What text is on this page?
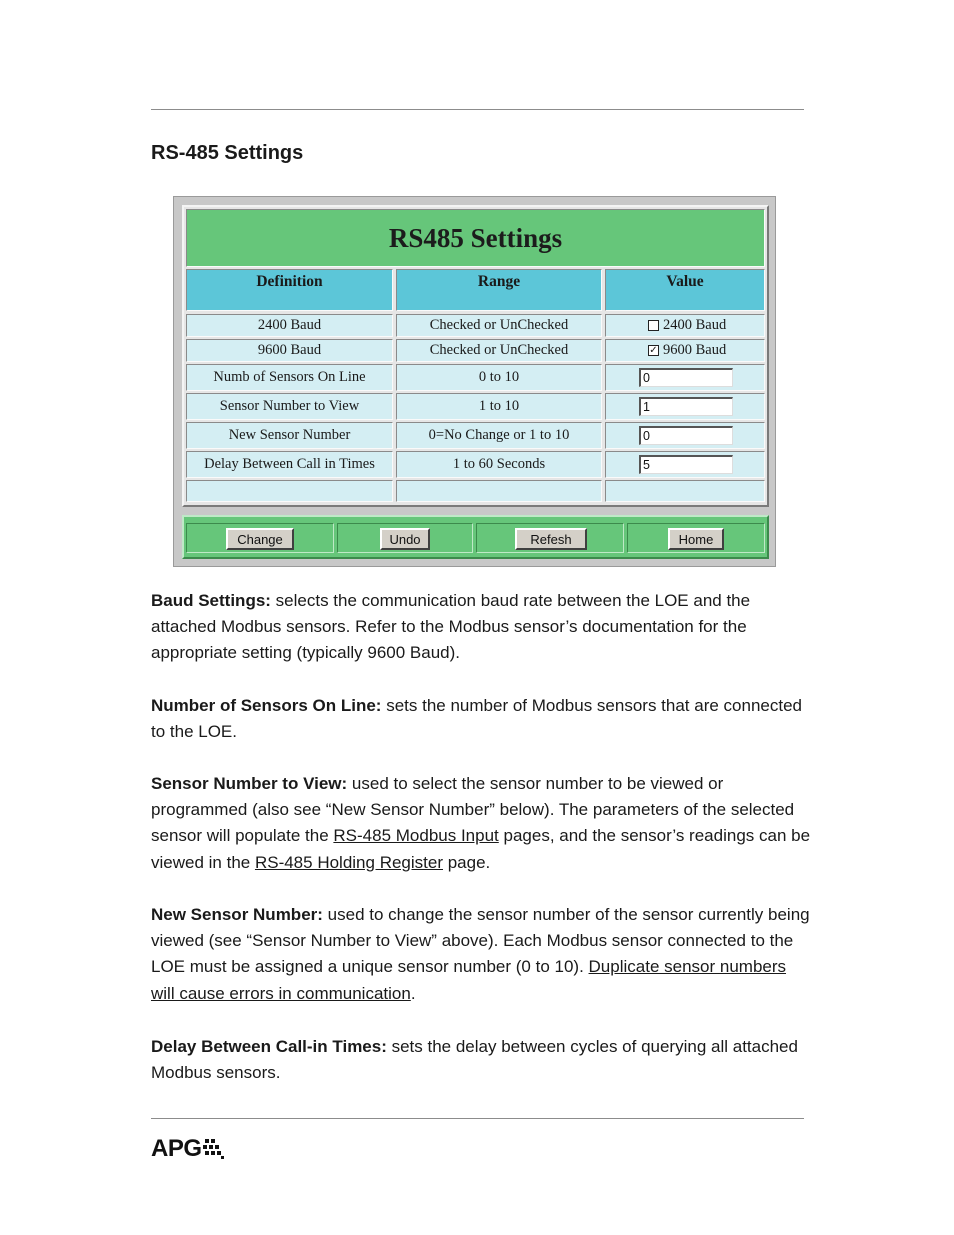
RS-485 Settings
RS485 Settings
Definition	Range	Value
2400 Baud	Checked or UnChecked	2400 Baud
9600 Baud	Checked or UnChecked	✓ 9600 Baud
Numb of Sensors On Line	0 to 10	0
Sensor Number to View	1 to 10	1
New Sensor Number	0=No Change or 1 to 10	0
Delay Between Call in Times	1 to 60 Seconds	5
Change	Undo	Refesh	Home

Baud Settings: selects the communication baud rate between the LOE and the attached Modbus sensors. Refer to the Modbus sensor’s documentation for the appropriate setting (typically 9600 Baud).

Number of Sensors On Line: sets the number of Modbus sensors that are connected to the LOE.

Sensor Number to View: used to select the sensor number to be viewed or programmed (also see “New Sensor Number” below). The parameters of the selected sensor will populate the RS-485 Modbus Input pages, and the sensor’s readings can be viewed in the RS-485 Holding Register page.

New Sensor Number: used to change the sensor number of the sensor currently being viewed (see “Sensor Number to View” above). Each Modbus sensor connected to the LOE must be assigned a unique sensor number (0 to 10). Duplicate sensor numbers will cause errors in communication.

Delay Between Call-in Times: sets the delay between cycles of querying all attached Modbus sensors.

APG
